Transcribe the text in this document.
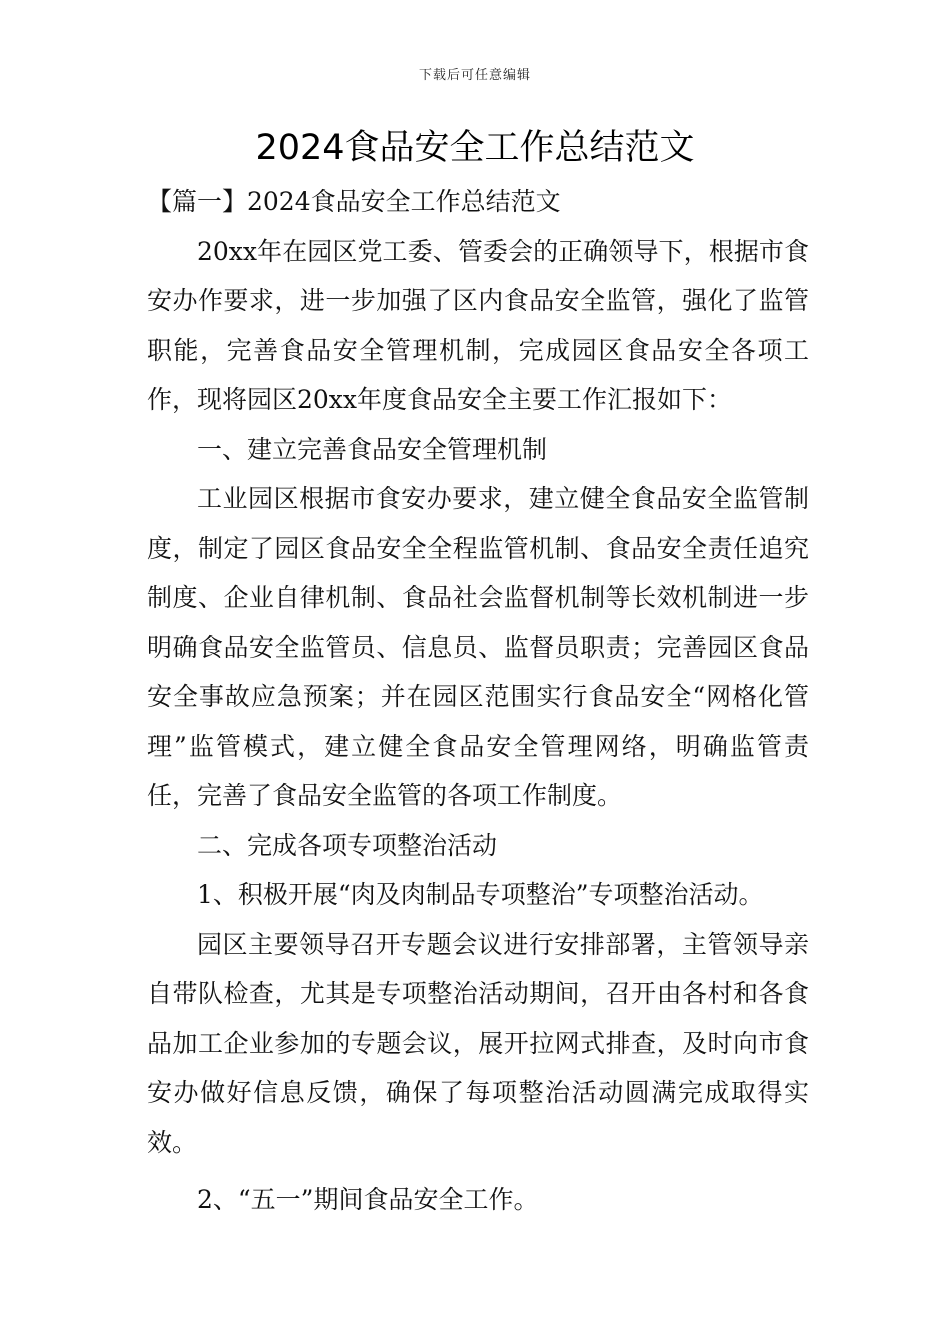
下载后可任意编辑
2024食品安全工作总结范文

【篇一】2024食品安全工作总结范文

20xx年在园区党工委、管委会的正确领导下，根据市食安办作要求，进一步加强了区内食品安全监管，强化了监管职能，完善食品安全管理机制，完成园区食品安全各项工作，现将园区20xx年度食品安全主要工作汇报如下：

一、建立完善食品安全管理机制

工业园区根据市食安办要求，建立健全食品安全监管制度，制定了园区食品安全全程监管机制、食品安全责任追究制度、企业自律机制、食品社会监督机制等长效机制进一步明确食品安全监管员、信息员、监督员职责；完善园区食品安全事故应急预案；并在园区范围实行食品安全“网格化管理”监管模式，建立健全食品安全管理网络，明确监管责任，完善了食品安全监管的各项工作制度。

二、完成各项专项整治活动

1、积极开展“肉及肉制品专项整治”专项整治活动。

园区主要领导召开专题会议进行安排部署，主管领导亲自带队检查，尤其是专项整治活动期间，召开由各村和各食品加工企业参加的专题会议，展开拉网式排查，及时向市食安办做好信息反馈，确保了每项整治活动圆满完成取得实效。

2、“五一”期间食品安全工作。
